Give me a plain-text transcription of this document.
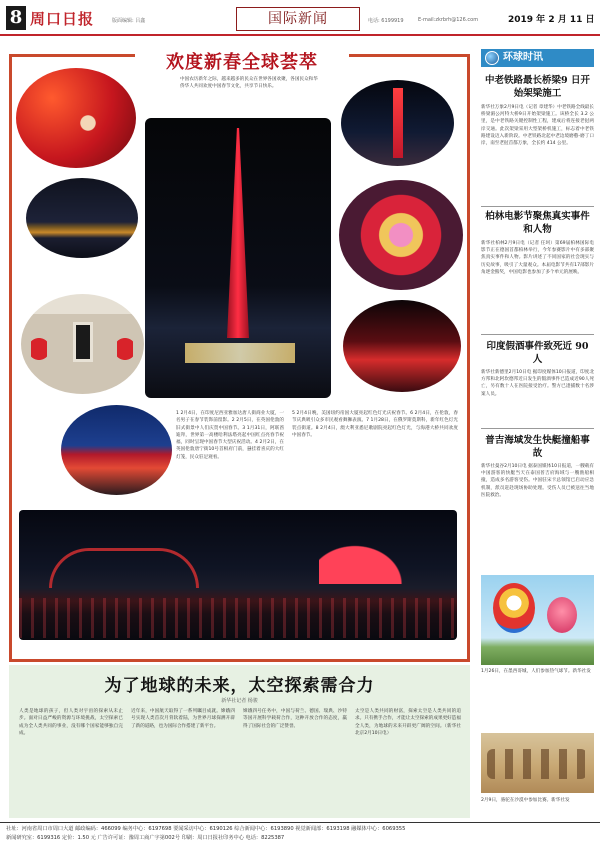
8 周口日报	版面编辑: 吕鑫	国际新闻	电话: 6199919	E-mail:zkrbrh@126.com	2019 年 2 月 11 日
欢度新春全球荟萃
中国农历新年之际，越来越多的民众在世界各国欢聚，各国民众和华侨华人共同欢度中国春节文化，共享节日快乐。
1 2月4日，在印度尼西亚雅加达唐人街商业大厦，一名男子在春节装饰前留影。2 2月5日，在英国伦敦的旧式街景中人们庆贺中国春节。3 1月31日，阿联酋迪拜，世界第一高楼哈利法塔亮起中国红点亮春节祝福，同时呈现中国春节大型庆祝活动。4 2月2日，在英国伦敦唐宁街10号首相府门前，悬挂着喜庆的大红灯笼，民众驻足观看。
5 2月4日晚，美国纽约帝国大厦亮起红色灯光庆祝春节。6 2月4日，在伦敦，春节庆典吸引众多市民观看舞狮表演。7 1月28日，在俄罗斯莫斯科，新年红色灯光装点街道。8 2月4日，澳大利亚悉尼歌剧院亮起红色灯光，与海港大桥共同欢度中国春节。
为了地球的未来，太空探索需合力
新华社记者 杨骏
人类是地球的孩子，但人类对宇宙的探索从未止步。面对日益严峻的资源与环境挑战，太空探索已成为全人类共同的事业，没有哪个国家能够独自完成。
近年来，中国航天取得了一系列瞩目成就。嫦娥四号实现人类首次月背软着陆，为世界月球探测开辟了新的道路，也为国际合作搭建了新平台。
嫦娥四号任务中，中国与荷兰、德国、瑞典、沙特等国开展科学载荷合作，这种开放合作的态度，赢得了国际社会的广泛赞誉。
太空是人类共同的财富，探索太空是人类共同的追求。只有携手合作，才能让太空探索的成果更好造福全人类，为地球的未来开辟更广阔的空间。（新华社北京2月10日电）
环球时讯
中老铁路最长桥梁9 日开始架梁施工
新华社万象2月9日电（记者 章建华）中老铁路全线最长桥梁湄公河特大桥9日开始架梁施工。该桥全长 3.2 公里，是中老铁路关键控制性工程，建成后将连接老挝两岸交通。此次架梁采用大型架桥机施工，标志着中老铁路建设迈入新阶段。中老铁路北起中老边境磨憨-磨丁口岸，南至老挝首都万象，全长约 414 公里。
柏林电影节聚焦真实事件和人物
新华社柏林2月9日电（记者 任珂）第69届柏林国际电影节正在德国首都柏林举行，今年参赛影片中有多部聚焦真实事件和人物。影片讲述了不同国家的社会现实与历史故事，吸引了大量观众。本届电影节共有17部影片角逐金熊奖，中国电影也参加了多个单元的展映。
印度假酒事件致死近 90 人
新华社新德里2月10日电 据印度媒体10日报道，印度北方邦和北阿坎德邦近日发生的假酒事件已造成近90人死亡，另有数十人在医院接受治疗。警方已逮捕数十名涉案人员。
普吉海域发生快艇撞船事故
新华社曼谷2月10日电 据泰国媒体10日报道，一艘载有中国游客的快艇当天在泰国普吉府海域与一艘渔船相撞，造成多名游客受伤。中国驻宋卡总领馆已启动应急机制，派员赶赴现场协助处理。受伤人员已被送往当地医院救治。
1月26日，在墨西哥城，人们参加热气球节。新华社发
2月9日，骆驼在沙漠中参加比赛。新华社发
社址：河南省周口市周口大道 邮政编码：466099 编务中心：6197698 要闻采访中心：6190126 综合新闻中心：6193890 视觉新闻部：6193198 融媒体中心：6069355
新闻研究室：6199316 定价：1.50 元 广告许可证：豫周工商广字第002号 印刷：周口日报社印务中心 电话：8225387
